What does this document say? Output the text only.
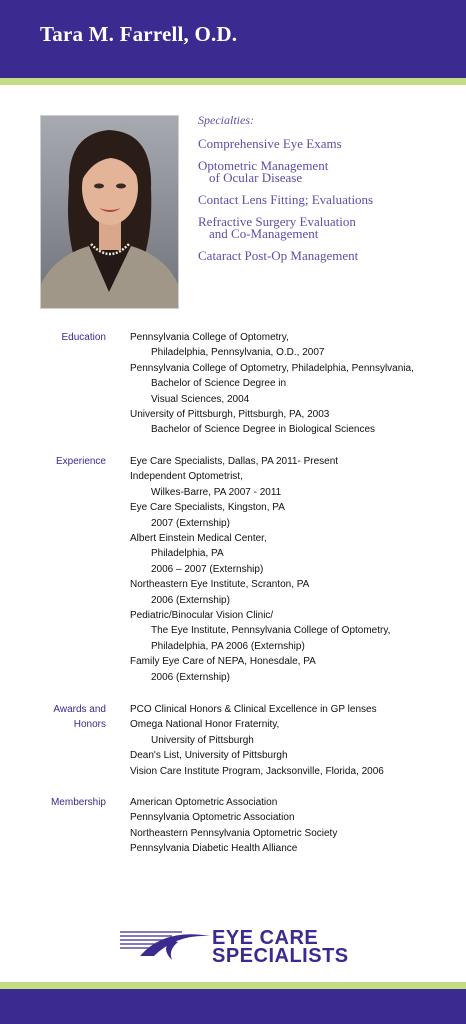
Tara M. Farrell, O.D.
Specialties:
Comprehensive Eye Exams
Optometric Management
of Ocular Disease
Contact Lens Fitting; Evaluations
Refractive Surgery Evaluation
and Co-Management
Cataract Post-Op Management
Education Pennsylvania College of Optometry,
Philadelphia, Pennsylvania, O.D., 2007
Pennsylvania College of Optometry, Philadelphia, Pennsylvania,
Bachelor of Science Degree in
Visual Sciences, 2004
University of Pittsburgh, Pittsburgh, PA, 2003
Bachelor of Science Degree in Biological Sciences
Experience Eye Care Specialists, Dallas, PA 2011- Present
Independent Optometrist,
Wilkes-Barre, PA 2007 - 2011
Eye Care Specialists, Kingston, PA
2007 (Externship)
Albert Einstein Medical Center,
Philadelphia, PA
2006 – 2007 (Externship)
Northeastern Eye Institute, Scranton, PA
2006 (Externship)
Pediatric/Binocular Vision Clinic/
The Eye Institute, Pennsylvania College of Optometry,
Philadelphia, PA 2006 (Externship)
Family Eye Care of NEPA, Honesdale, PA
2006 (Externship)
Awards and
Honors
PCO Clinical Honors & Clinical Excellence in GP lenses
Omega National Honor Fraternity,
University of Pittsburgh
Dean's List, University of Pittsburgh
Vision Care Institute Program, Jacksonville, Florida, 2006
Membership American Optometric Association
Pennsylvania Optometric Association
Northeastern Pennsylvania Optometric Society
Pennsylvania Diabetic Health Alliance
EYE CARE
SPECIALISTS
